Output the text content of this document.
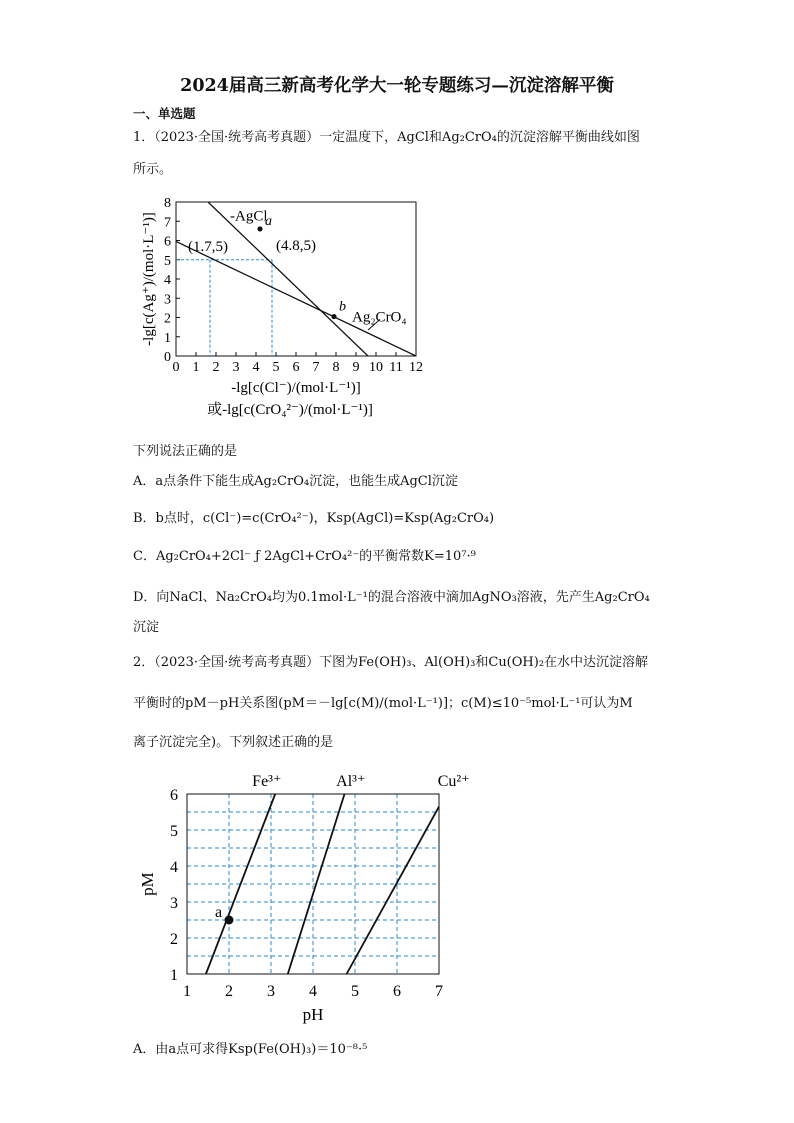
2024届高三新高考化学大一轮专题练习—沉淀溶解平衡
一、单选题
1．（2023·全国·统考高考真题）一定温度下，AgCl和Ag₂CrO₄的沉淀溶解平衡曲线如图
所示。
0 1 2 3 4 5 6 7 8 9 10 11 12
0
1
2
3
4
5
6
7
8
-AgCl
Ag₂CrO₄
a
b
(1.7,5)	(4.8,5)
-lg[c(Cl⁻)/(mol·L⁻¹)]
或-lg[c(CrO₄²⁻)/(mol·L⁻¹)]
-lg[c(Ag⁺)/(mol·L⁻¹)]
下列说法正确的是
A．a点条件下能生成Ag₂CrO₄沉淀，也能生成AgCl沉淀
B．b点时，c(Cl⁻)=c(CrO₄²⁻)，Ksp(AgCl)=Ksp(Ag₂CrO₄)
C．Ag₂CrO₄+2Cl⁻ ƒ 2AgCl+CrO₄²⁻的平衡常数K=10⁷·⁹
D．向NaCl、Na₂CrO₄均为0.1mol·L⁻¹的混合溶液中滴加AgNO₃溶液，先产生Ag₂CrO₄
沉淀
2．（2023·全国·统考高考真题）下图为Fe(OH)₃、Al(OH)₃和Cu(OH)₂在水中达沉淀溶解
平衡时的pM－pH关系图(pM＝－lg[c(M)/(mol·L⁻¹)]；c(M)≤10⁻⁵mol·L⁻¹可认为M
离子沉淀完全)。下列叙述正确的是
1 2 3 4 5 6 7
1
2
3
4
5
6
Fe³⁺	Al³⁺	Cu²⁺
a
pH
pM
A．由a点可求得Ksp(Fe(OH)₃)＝10⁻⁸·⁵
